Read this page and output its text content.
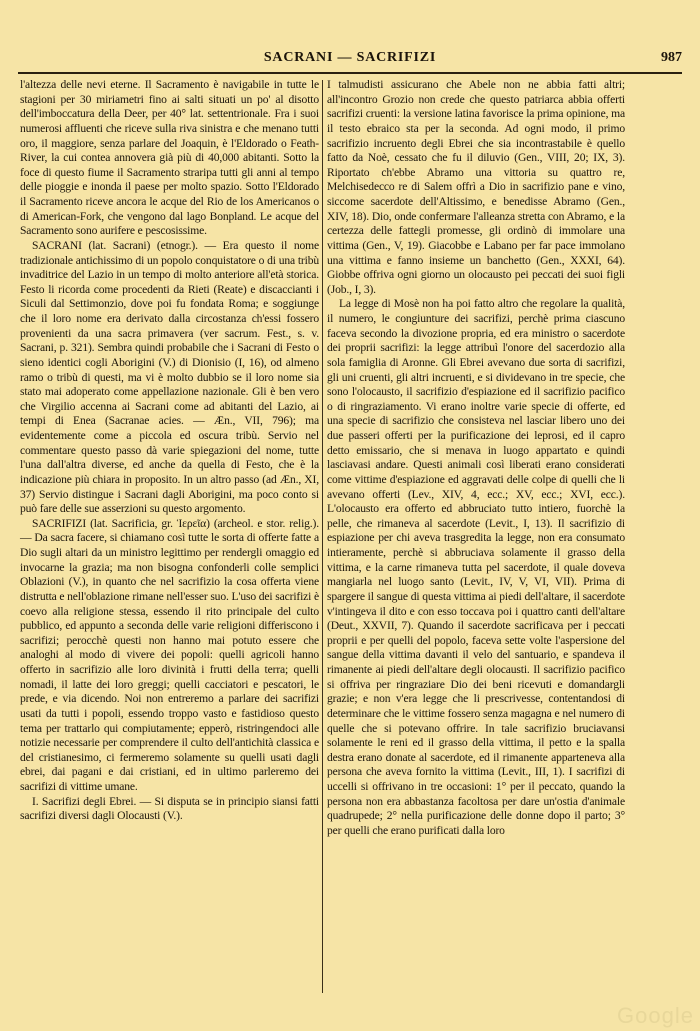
SACRANI — SACRIFIZI	987

l'altezza delle nevi eterne. Il Sacramento è navigabile in tutte le stagioni per 30 miriametri fino ai salti situati un po' al disotto dell'imboccatura della Deer, per 40° lat. settentrionale. Fra i suoi numerosi affluenti che riceve sulla riva sinistra e che menano tutti oro, il maggiore, senza parlare del Joaquin, è l'Eldorado o Feath-River, la cui contea annovera già più di 40,000 abitanti. Sotto la foce di questo fiume il Sacramento straripa tutti gli anni al tempo delle pioggie e inonda il paese per molto spazio. Sotto l'Eldorado il Sacramento riceve ancora le acque del Rio de los Americanos o di American-Fork, che vengono dal lago Bonpland. Le acque del Sacramento sono aurifere e pescosissime.

SACRANI (lat. Sacrani) (etnogr.). — Era questo il nome tradizionale antichissimo di un popolo conquistatore o di una tribù invaditrice del Lazio in un tempo di molto anteriore all'età storica. Festo li ricorda come procedenti da Rieti (Reate) e discaccianti i Siculi dal Settimonzio, dove poi fu fondata Roma; e soggiunge che il loro nome era derivato dalla circostanza ch'essi fossero provenienti da una sacra primavera (ver sacrum. Fest., s. v. Sacrani, p. 321). Sembra quindi probabile che i Sacrani di Festo o sieno identici cogli Aborigini (V.) di Dionisio (I, 16), od almeno ramo o tribù di questi, ma vi è molto dubbio se il loro nome sia stato mai adoperato come appellazione nazionale. Gli è ben vero che Virgilio accenna ai Sacrani come ad abitanti del Lazio, ai tempi di Enea (Sacranae acies. — Æn., VII, 796); ma evidentemente come a piccola ed oscura tribù. Servio nel commentare questo passo dà varie spiegazioni del nome, tutte l'una dall'altra diverse, ed anche da quella di Festo, che è la indicazione più chiara in proposito. In un altro passo (ad Æn., XI, 37) Servio distingue i Sacrani dagli Aborigini, ma poco conto si può fare delle sue asserzioni su questo argomento.

SACRIFIZI (lat. Sacrificia, gr. Ἱερεῖα) (archeol. e stor. relig.). — Da sacra facere, si chiamano così tutte le sorta di offerte fatte a Dio sugli altari da un ministro legittimo per rendergli omaggio ed invocarne la grazia; ma non bisogna confonderli colle semplici Oblazioni (V.), in quanto che nel sacrifizio la cosa offerta viene distrutta e nell'oblazione rimane nell'esser suo. L'uso dei sacrifizi è coevo alla religione stessa, essendo il rito principale del culto pubblico, ed appunto a seconda delle varie religioni differiscono i sacrifizi; perocchè questi non hanno mai potuto essere che analoghi al modo di vivere dei popoli: quelli agricoli hanno offerto in sacrifizio alle loro divinità i frutti della terra; quelli nomadi, il latte dei loro greggi; quelli cacciatori e pescatori, le prede, e via dicendo. Noi non entreremo a parlare dei sacrifizi usati da tutti i popoli, essendo troppo vasto e fastidioso questo tema per trattarlo qui compiutamente; epperò, ristringendoci alle notizie necessarie per comprendere il culto dell'antichità classica e del cristianesimo, ci fermeremo solamente su quelli usati dagli ebrei, dai pagani e dai cristiani, ed in ultimo parleremo dei sacrifizi di vittime umane.

I. Sacrifizi degli Ebrei. — Si disputa se in principio siansi fatti sacrifizi diversi dagli Olocausti (V.).

I talmudisti assicurano che Abele non ne abbia fatti altri; all'incontro Grozio non crede che questo patriarca abbia offerti sacrifizi cruenti: la versione latina favorisce la prima opinione, ma il testo ebraico sta per la seconda. Ad ogni modo, il primo sacrifizio incruento degli Ebrei che sia incontrastabile è quello fatto da Noè, cessato che fu il diluvio (Gen., VIII, 20; IX, 3). Riportato ch'ebbe Abramo una vittoria su quattro re, Melchisedecco re di Salem offrì a Dio in sacrifizio pane e vino, siccome sacerdote dell'Altissimo, e benedisse Abramo (Gen., XIV, 18). Dio, onde confermare l'alleanza stretta con Abramo, e la certezza delle fattegli promesse, gli ordinò di immolare una vittima (Gen., V, 19). Giacobbe e Labano per far pace immolano una vittima e fanno insieme un banchetto (Gen., XXXI, 64). Giobbe offriva ogni giorno un olocausto pei peccati dei suoi figli (Job., I, 3).

La legge di Mosè non ha poi fatto altro che regolare la qualità, il numero, le congiunture dei sacrifizi, perchè prima ciascuno faceva secondo la divozione propria, ed era ministro o sacerdote dei proprii sacrifizi: la legge attribuì l'onore del sacerdozio alla sola famiglia di Aronne. Gli Ebrei avevano due sorta di sacrifizi, gli uni cruenti, gli altri incruenti, e si dividevano in tre specie, che sono l'olocausto, il sacrifizio d'espiazione ed il sacrifizio pacifico o di ringraziamento. Vi erano inoltre varie specie di offerte, ed una specie di sacrifizio che consisteva nel lasciar libero uno dei due passeri offerti per la purificazione dei leprosi, ed il capro detto emissario, che si menava in luogo appartato e quindi lasciavasi andare. Questi animali così liberati erano considerati come vittime d'espiazione ed aggravati delle colpe di quelli che li avevano offerti (Lev., XIV, 4, ecc.; XV, ecc.; XVI, ecc.). L'olocausto era offerto ed abbruciato tutto intiero, fuorchè la pelle, che rimaneva al sacerdote (Levit., I, 13). Il sacrifizio di espiazione per chi aveva trasgredita la legge, non era consumato intieramente, perchè si abbruciava solamente il grasso della vittima, e la carne rimaneva tutta pel sacerdote, il quale doveva mangiarla nel luogo santo (Levit., IV, V, VI, VII). Prima di spargere il sangue di questa vittima ai piedi dell'altare, il sacerdote v'intingeva il dito e con esso toccava poi i quattro canti dell'altare (Deut., XXVII, 7). Quando il sacerdote sacrificava per i peccati proprii e per quelli del popolo, faceva sette volte l'aspersione del sangue della vittima davanti il velo del santuario, e spandeva il rimanente ai piedi dell'altare degli olocausti. Il sacrifizio pacifico si offriva per ringraziare Dio dei beni ricevuti e domandargli grazie; e non v'era legge che li prescrivesse, contentandosi di determinare che le vittime fossero senza magagna e nel numero di quelle che si potevano offrire. In tale sacrifizio bruciavansi solamente le reni ed il grasso della vittima, il petto e la spalla destra erano donate al sacerdote, ed il rimanente apparteneva alla persona che aveva fornito la vittima (Levit., III, 1). I sacrifizi di uccelli si offrivano in tre occasioni: 1° per il peccato, quando la persona non era abbastanza facoltosa per dare un'ostia d'animale quadrupede; 2° nella purificazione delle donne dopo il parto; 3° per quelli che erano purificati dalla loro

Google
